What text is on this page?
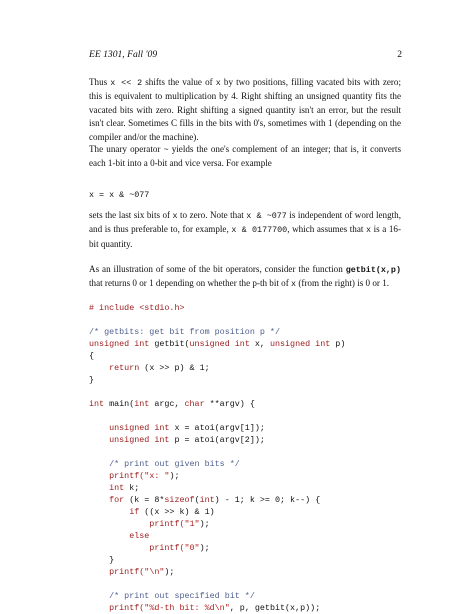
EE 1301, Fall '09	2

Thus x << 2 shifts the value of x by two positions, filling vacated bits with zero; this is equivalent to multiplication by 4. Right shifting an unsigned quantity fits the vacated bits with zero. Right shifting a signed quantity isn't an error, but the result isn't clear. Sometimes C fills in the bits with 0's, sometimes with 1 (depending on the compiler and/or the machine).

The unary operator ~ yields the one's complement of an integer; that is, it converts each 1-bit into a 0-bit and vice versa. For example

x = x & ~077

sets the last six bits of x to zero. Note that x & ~077 is independent of word length, and is thus preferable to, for example, x & 0177700, which assumes that x is a 16-bit quantity.

As an illustration of some of the bit operators, consider the function getbit(x,p) that returns 0 or 1 depending on whether the p-th bit of x (from the right) is 0 or 1.

# include <stdio.h>
/* getbits: get bit from position p */
unsigned int getbit(unsigned int x, unsigned int p)
{
return (x >> p) & 1;
}
int main(int argc, char **argv) {
unsigned int x = atoi(argv[1]);
unsigned int p = atoi(argv[2]);
/* print out given bits */
printf("x: ");
int k;
for (k = 8*sizeof(int) - 1; k >= 0; k--) {
if ((x >> k) & 1)
printf("1");
else
printf("0");
}
printf("\n");
/* print out specified bit */
printf("%d-th bit: %d\n", p, getbit(x,p));
